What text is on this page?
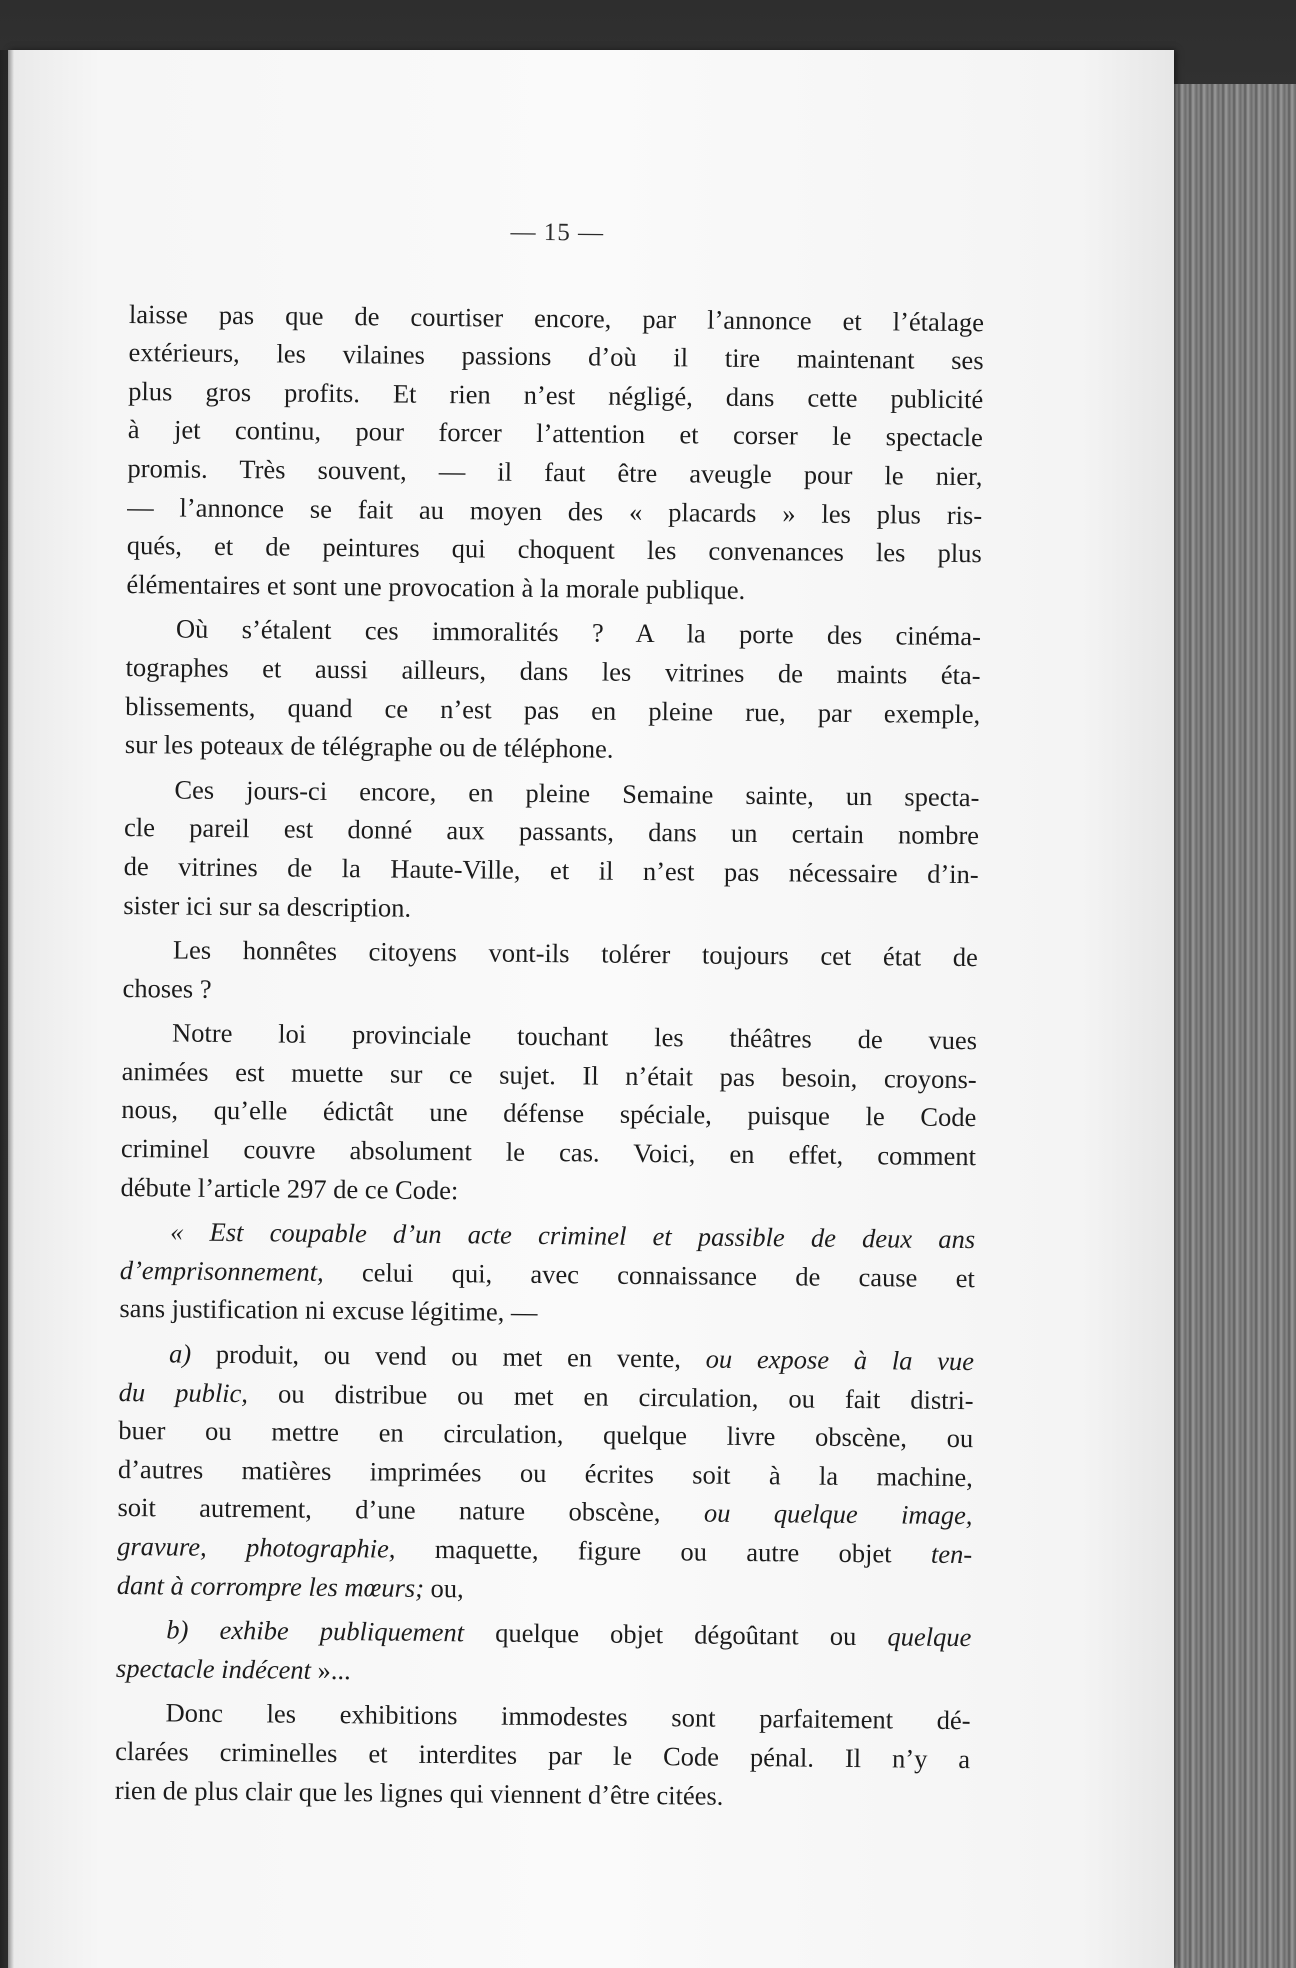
— 15 —
laisse pas que de courtiser encore, par l’annonce et l’étalage
extérieurs, les vilaines passions d’où il tire maintenant ses
plus gros profits. Et rien n’est négligé, dans cette publicité
à jet continu, pour forcer l’attention et corser le spectacle
promis. Très souvent, — il faut être aveugle pour le nier,
— l’annonce se fait au moyen des « placards » les plus ris-
qués, et de peintures qui choquent les convenances les plus
élémentaires et sont une provocation à la morale publique.
Où s’étalent ces immoralités ? A la porte des cinéma-
tographes et aussi ailleurs, dans les vitrines de maints éta-
blissements, quand ce n’est pas en pleine rue, par exemple,
sur les poteaux de télégraphe ou de téléphone.
Ces jours-ci encore, en pleine Semaine sainte, un specta-
cle pareil est donné aux passants, dans un certain nombre
de vitrines de la Haute-Ville, et il n’est pas nécessaire d’in-
sister ici sur sa description.
Les honnêtes citoyens vont-ils tolérer toujours cet état de
choses ?
Notre loi provinciale touchant les théâtres de vues
animées est muette sur ce sujet. Il n’était pas besoin, croyons-
nous, qu’elle édictât une défense spéciale, puisque le Code
criminel couvre absolument le cas. Voici, en effet, comment
débute l’article 297 de ce Code:
« Est coupable d’un acte criminel et passible de deux ans
d’emprisonnement, celui qui, avec connaissance de cause et
sans justification ni excuse légitime, —
a) produit, ou vend ou met en vente, ou expose à la vue
du public, ou distribue ou met en circulation, ou fait distri-
buer ou mettre en circulation, quelque livre obscène, ou
d’autres matières imprimées ou écrites soit à la machine,
soit autrement, d’une nature obscène, ou quelque image,
gravure, photographie, maquette, figure ou autre objet ten-
dant à corrompre les mœurs; ou,
b) exhibe publiquement quelque objet dégoûtant ou quelque
spectacle indécent »...
Donc les exhibitions immodestes sont parfaitement dé-
clarées criminelles et interdites par le Code pénal. Il n’y a
rien de plus clair que les lignes qui viennent d’être citées.
